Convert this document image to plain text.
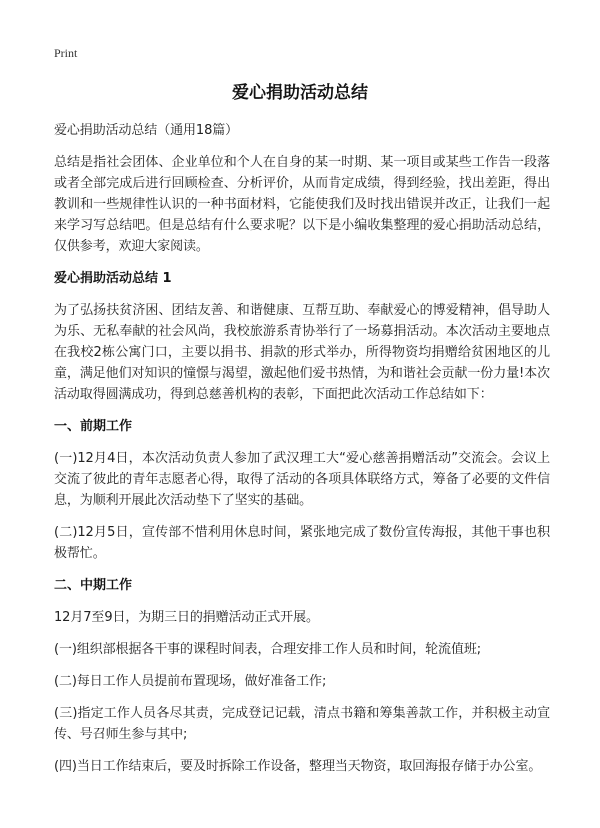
Print
爱心捐助活动总结

爱心捐助活动总结（通用18篇）

总结是指社会团体、企业单位和个人在自身的某一时期、某一项目或某些工作告一段落或者全部完成后进行回顾检查、分析评价，从而肯定成绩，得到经验，找出差距，得出教训和一些规律性认识的一种书面材料，它能使我们及时找出错误并改正，让我们一起来学习写总结吧。但是总结有什么要求呢？以下是小编收集整理的爱心捐助活动总结，仅供参考，欢迎大家阅读。

爱心捐助活动总结 1

为了弘扬扶贫济困、团结友善、和谐健康、互帮互助、奉献爱心的博爱精神，倡导助人为乐、无私奉献的社会风尚，我校旅游系青协举行了一场募捐活动。本次活动主要地点在我校2栋公寓门口，主要以捐书、捐款的形式举办，所得物资均捐赠给贫困地区的儿童，满足他们对知识的憧憬与渴望，激起他们爱书热情，为和谐社会贡献一份力量!本次活动取得圆满成功，得到总慈善机构的表彰，下面把此次活动工作总结如下：

一、前期工作

(一)12月4日，本次活动负责人参加了武汉理工大“爱心慈善捐赠活动”交流会。会议上交流了彼此的青年志愿者心得，取得了活动的各项具体联络方式，筹备了必要的文件信息，为顺利开展此次活动垫下了坚实的基础。

(二)12月5日，宣传部不惜利用休息时间，紧张地完成了数份宣传海报，其他干事也积极帮忙。

二、中期工作

12月7至9日，为期三日的捐赠活动正式开展。

(一)组织部根据各干事的课程时间表，合理安排工作人员和时间，轮流值班;

(二)每日工作人员提前布置现场，做好准备工作;

(三)指定工作人员各尽其责，完成登记记载，清点书籍和筹集善款工作，并积极主动宣传、号召师生参与其中;

(四)当日工作结束后，要及时拆除工作设备，整理当天物资，取回海报存储于办公室。
